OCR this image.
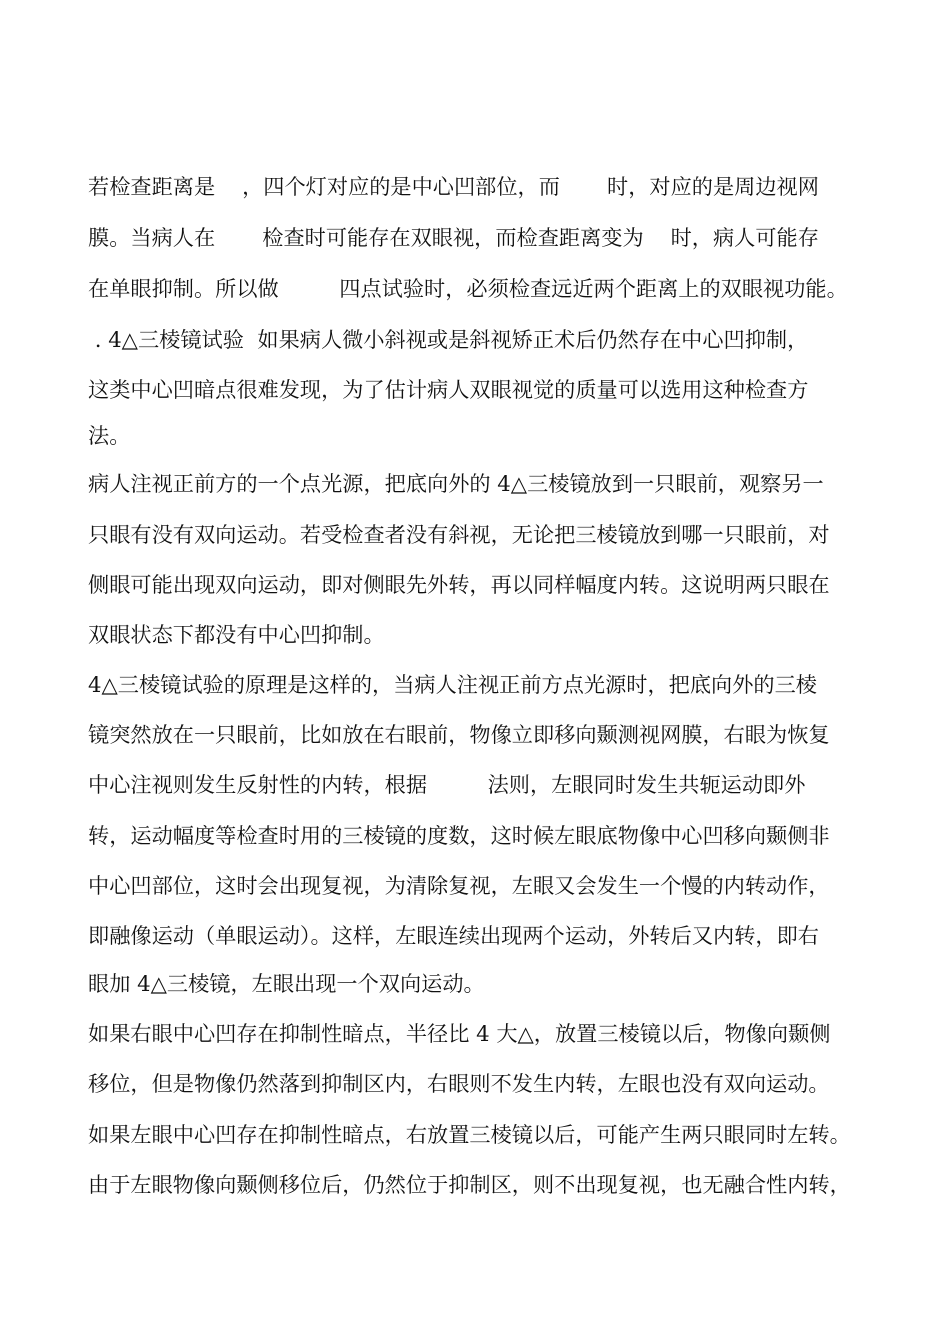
若检查距离是    ，四个灯对应的是中心凹部位，而       时，对应的是周边视网
膜。当病人在       检查时可能存在双眼视，而检查距离变为    时，病人可能存
在单眼抑制。所以做         四点试验时，必须检查远近两个距离上的双眼视功能。
. 4△三棱镜试验  如果病人微小斜视或是斜视矫正术后仍然存在中心凹抑制，
这类中心凹暗点很难发现，为了估计病人双眼视觉的质量可以选用这种检查方
法。
病人注视正前方的一个点光源，把底向外的 4△三棱镜放到一只眼前，观察另一
只眼有没有双向运动。若受检查者没有斜视，无论把三棱镜放到哪一只眼前，对
侧眼可能出现双向运动，即对侧眼先外转，再以同样幅度内转。这说明两只眼在
双眼状态下都没有中心凹抑制。
4△三棱镜试验的原理是这样的，当病人注视正前方点光源时，把底向外的三棱
镜突然放在一只眼前，比如放在右眼前，物像立即移向颞测视网膜，右眼为恢复
中心注视则发生反射性的内转，根据         法则，左眼同时发生共轭运动即外
转，运动幅度等检查时用的三棱镜的度数，这时候左眼底物像中心凹移向颞侧非
中心凹部位，这时会出现复视，为清除复视，左眼又会发生一个慢的内转动作，
即融像运动（单眼运动）。这样，左眼连续出现两个运动，外转后又内转，即右
眼加 4△三棱镜，左眼出现一个双向运动。
如果右眼中心凹存在抑制性暗点，半径比 4 大△，放置三棱镜以后，物像向颞侧
移位，但是物像仍然落到抑制区内，右眼则不发生内转，左眼也没有双向运动。
如果左眼中心凹存在抑制性暗点，右放置三棱镜以后，可能产生两只眼同时左转。
由于左眼物像向颞侧移位后，仍然位于抑制区，则不出现复视，也无融合性内转，
